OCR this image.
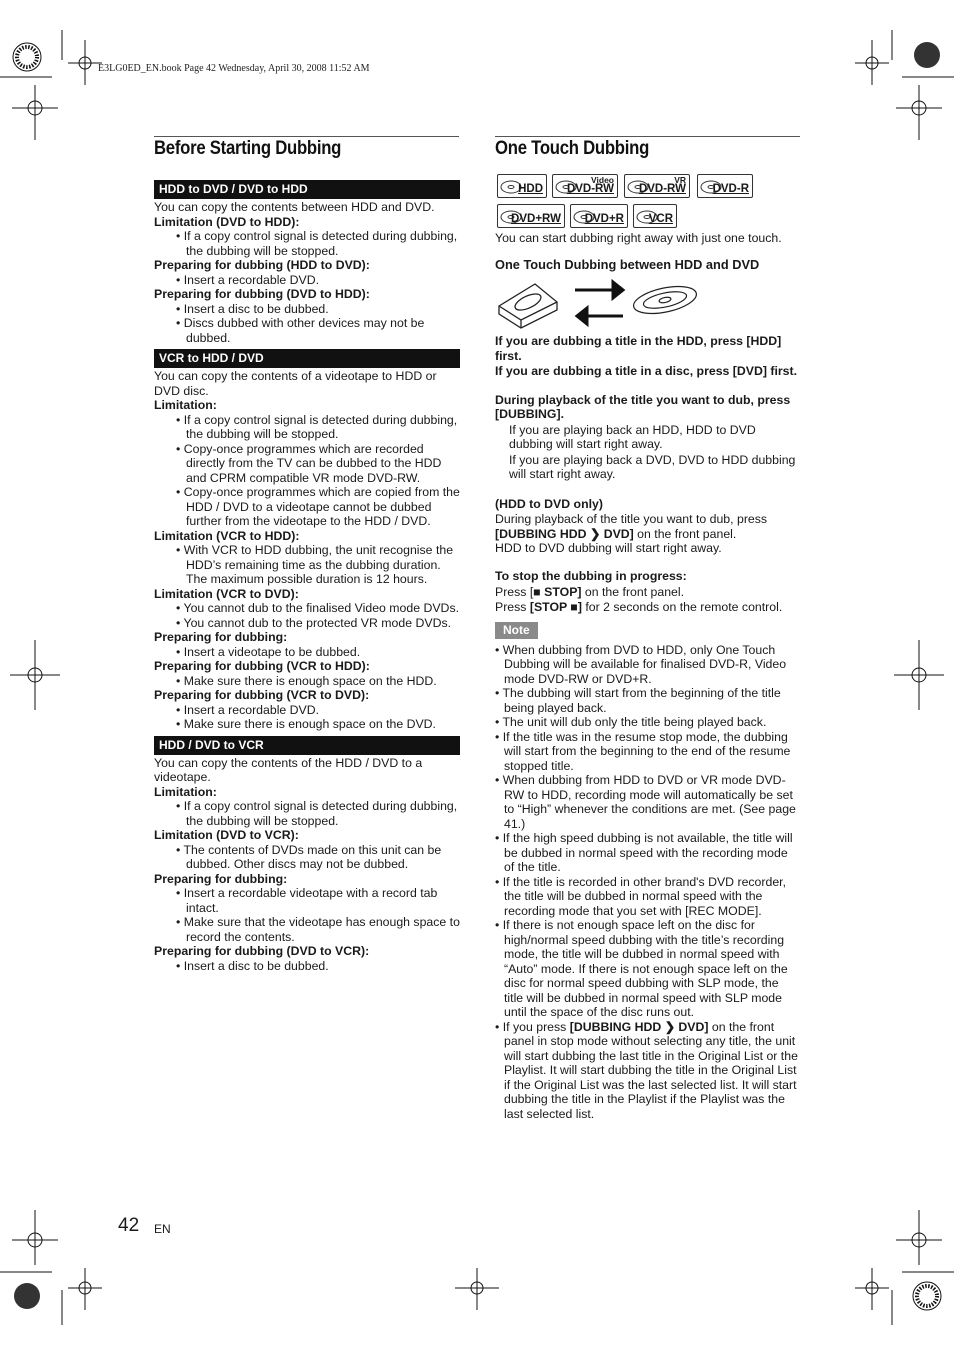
E3LG0ED_EN.book Page 42 Wednesday, April 30, 2008 11:52 AM
Before Starting Dubbing
HDD to DVD / DVD to HDD

You can copy the contents between HDD and DVD.

Limitation (DVD to HDD):

• If a copy control signal is detected during dubbing, the dubbing will be stopped.

Preparing for dubbing (HDD to DVD):

• Insert a recordable DVD.

Preparing for dubbing (DVD to HDD):

• Insert a disc to be dubbed.

• Discs dubbed with other devices may not be dubbed.

VCR to HDD / DVD

You can copy the contents of a videotape to HDD or DVD disc.

Limitation:

• If a copy control signal is detected during dubbing, the dubbing will be stopped.

• Copy-once programmes which are recorded directly from the TV can be dubbed to the HDD and CPRM compatible VR mode DVD-RW.

• Copy-once programmes which are copied from the HDD / DVD to a videotape cannot be dubbed further from the videotape to the HDD / DVD.

Limitation (VCR to HDD):

• With VCR to HDD dubbing, the unit recognise the HDD’s remaining time as the dubbing duration. The maximum possible duration is 12 hours.

Limitation (VCR to DVD):

• You cannot dub to the finalised Video mode DVDs.

• You cannot dub to the protected VR mode DVDs.

Preparing for dubbing:

• Insert a videotape to be dubbed.

Preparing for dubbing (VCR to HDD):

• Make sure there is enough space on the HDD.

Preparing for dubbing (VCR to DVD):

• Insert a recordable DVD.

• Make sure there is enough space on the DVD.

HDD / DVD to VCR

You can copy the contents of the HDD / DVD to a videotape.

Limitation:

• If a copy control signal is detected during dubbing, the dubbing will be stopped.

Limitation (DVD to VCR):

• The contents of DVDs made on this unit can be dubbed. Other discs may not be dubbed.

Preparing for dubbing:

• Insert a recordable videotape with a record tab intact.

• Make sure that the videotape has enough space to record the contents.

Preparing for dubbing (DVD to VCR):

• Insert a disc to be dubbed.

One Touch Dubbing
HDD DVD-RW
Video
DVD-RW
VR
DVD-R
DVD+RW DVD+R VCR

You can start dubbing right away with just one touch.

One Touch Dubbing between HDD and DVD

If you are dubbing a title in the HDD, press [HDD] first.

If you are dubbing a title in a disc, press [DVD] first.

During playback of the title you want to dub, press [DUBBING].

If you are playing back an HDD, HDD to DVD dubbing will start right away.

If you are playing back a DVD, DVD to HDD dubbing will start right away.

(HDD to DVD only)

During playback of the title you want to dub, press
[DUBBING HDD ❯ DVD] on the front panel.
HDD to DVD dubbing will start right away.

To stop the dubbing in progress:

Press [■ STOP] on the front panel.

Press [STOP ■] for 2 seconds on the remote control.

Note

• When dubbing from DVD to HDD, only One Touch Dubbing will be available for finalised DVD-R, Video mode DVD-RW or DVD+R.

• The dubbing will start from the beginning of the title being played back.

• The unit will dub only the title being played back.

• If the title was in the resume stop mode, the dubbing will start from the beginning to the end of the resume stopped title.

• When dubbing from HDD to DVD or VR mode DVD-RW to HDD, recording mode will automatically be set to “High” whenever the conditions are met. (See page 41.)

• If the high speed dubbing is not available, the title will be dubbed in normal speed with the recording mode of the title.

• If the title is recorded in other brand's DVD recorder, the title will be dubbed in normal speed with the recording mode that you set with [REC MODE].

• If there is not enough space left on the disc for high/normal speed dubbing with the title’s recording mode, the title will be dubbed in normal speed with “Auto” mode. If there is not enough space left on the disc for normal speed dubbing with SLP mode, the title will be dubbed in normal speed with SLP mode until the space of the disc runs out.

• If you press [DUBBING HDD ❯ DVD] on the front panel in stop mode without selecting any title, the unit will start dubbing the last title in the Original List or the Playlist. It will start dubbing the title in the Original List if the Original List was the last selected list. It will start dubbing the title in the Playlist if the Playlist was the last selected list.

42 EN
